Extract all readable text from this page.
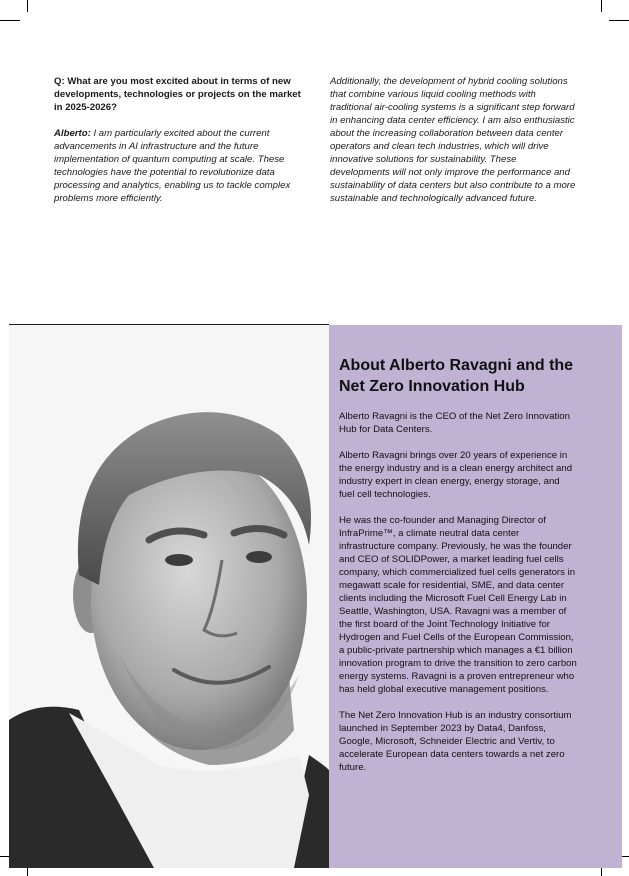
Q: What are you most excited about in terms of new developments, technologies or projects on the market in 2025-2026?

Alberto: I am particularly excited about the current advancements in AI infrastructure and the future implementation of quantum computing at scale. These technologies have the potential to revolutionize data processing and analytics, enabling us to tackle complex problems more efficiently.

Additionally, the development of hybrid cooling solutions that combine various liquid cooling methods with traditional air-cooling systems is a significant step forward in enhancing data center efficiency. I am also enthusiastic about the increasing collaboration between data center operators and clean tech industries, which will drive innovative solutions for sustainability. These developments will not only improve the performance and sustainability of data centers but also contribute to a more sustainable and technologically advanced future.

About Alberto Ravagni and the Net Zero Innovation Hub

Alberto Ravagni is the CEO of the Net Zero Innovation Hub for Data Centers.

Alberto Ravagni brings over 20 years of experience in the energy industry and is a clean energy architect and industry expert in clean energy, energy storage, and fuel cell technologies.

He was the co-founder and Managing Director of InfraPrime™, a climate neutral data center infrastructure company. Previously, he was the founder and CEO of SOLIDPower, a market leading fuel cells company, which commercialized fuel cells generators in megawatt scale for residential, SME, and data center clients including the Microsoft Fuel Cell Energy Lab in Seattle, Washington, USA. Ravagni was a member of the first board of the Joint Technology Initiative for Hydrogen and Fuel Cells of the European Commission, a public-private partnership which manages a €1 billion innovation program to drive the transition to zero carbon energy systems. Ravagni is a proven entrepreneur who has held global executive management positions.

The Net Zero Innovation Hub is an industry consortium launched in September 2023 by Data4, Danfoss, Google, Microsoft, Schneider Electric and Vertiv, to accelerate European data centers towards a net zero future.
